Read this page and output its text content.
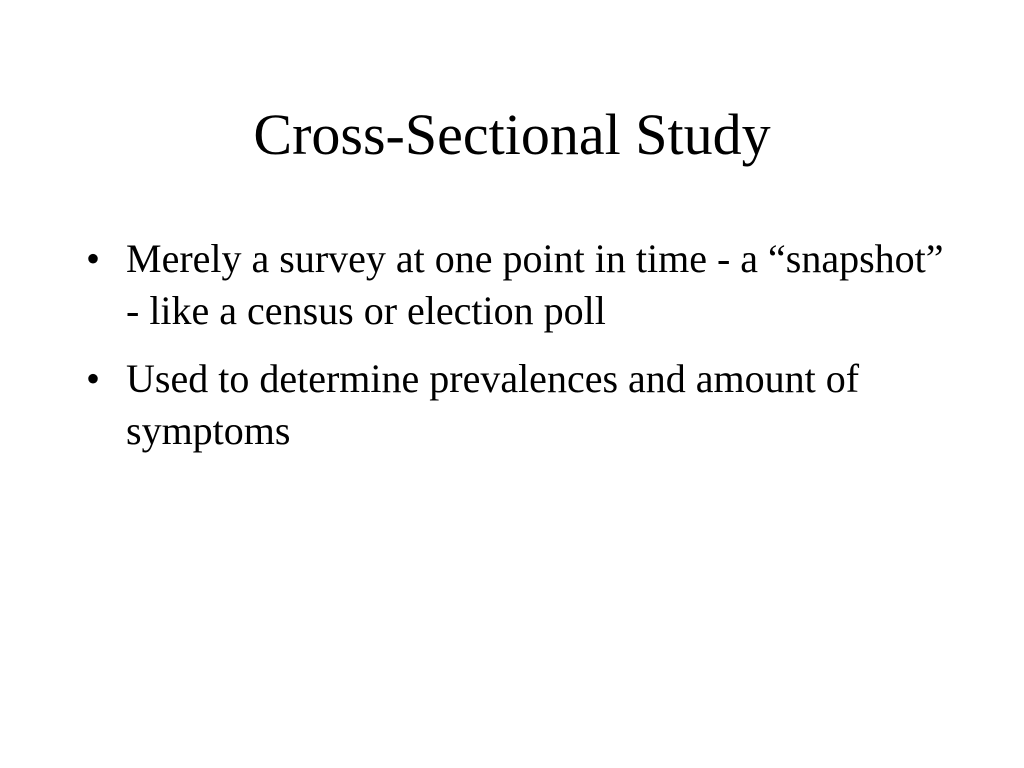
Cross-Sectional Study
• Merely a survey at one point in time - a “snapshot” - like a census or election poll
• Used to determine prevalences and amount of symptoms
